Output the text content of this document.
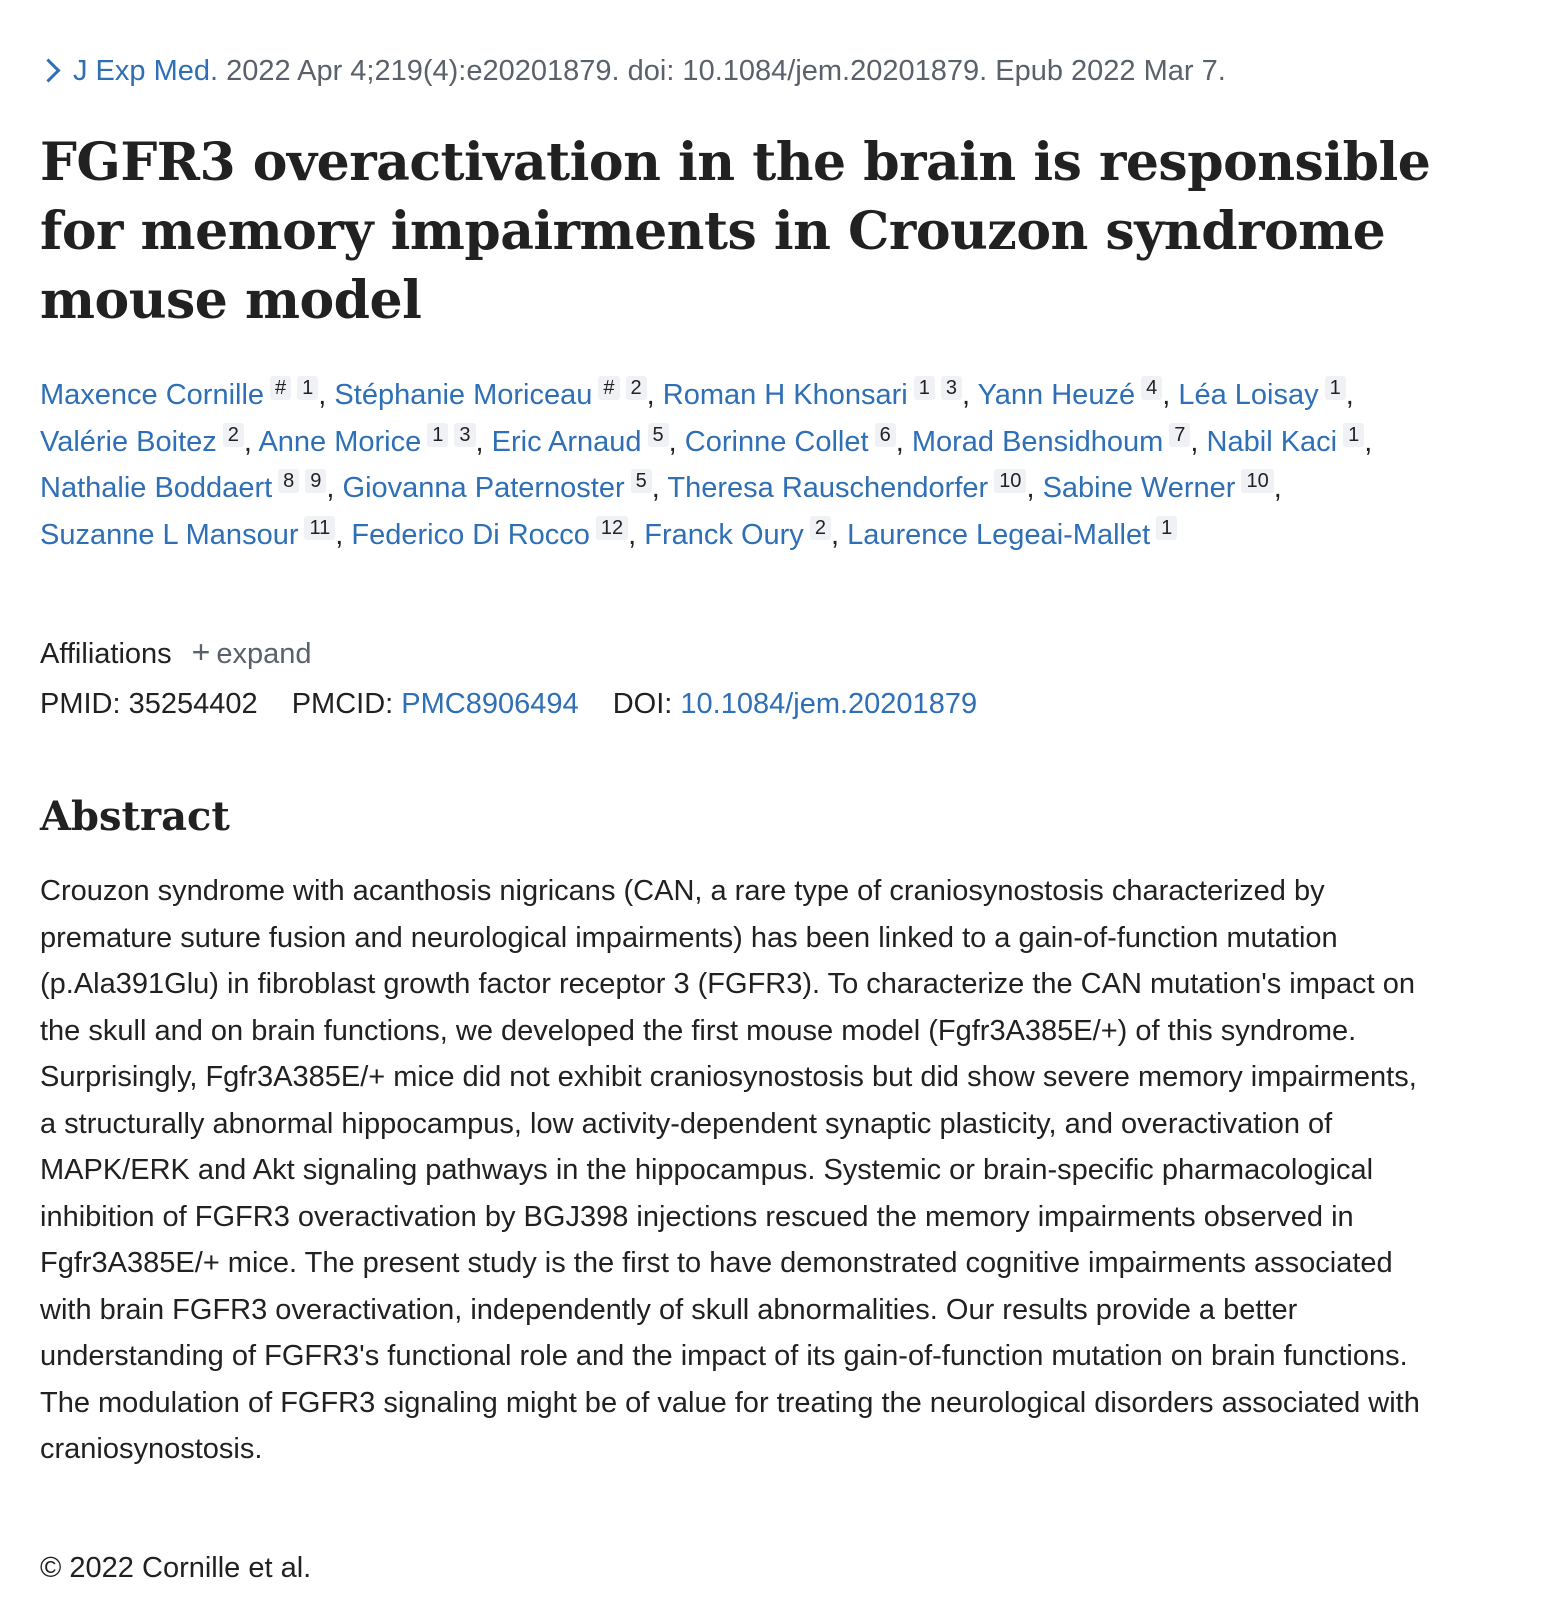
J Exp Med. 2022 Apr 4;219(4):e20201879. doi: 10.1084/jem.20201879. Epub 2022 Mar 7.
FGFR3 overactivation in the brain is responsible for memory impairments in Crouzon syndrome mouse model
Maxence Cornille # 1 , Stéphanie Moriceau # 2 , Roman H Khonsari 1 3 , Yann Heuzé 4 , Léa Loisay 1 , Valérie Boitez 2 , Anne Morice 1 3 , Eric Arnaud 5 , Corinne Collet 6 , Morad Bensidhoum 7 , Nabil Kaci 1 , Nathalie Boddaert 8 9 , Giovanna Paternoster 5 , Theresa Rauschendorfer 10 , Sabine Werner 10 , Suzanne L Mansour 11 , Federico Di Rocco 12 , Franck Oury 2 , Laurence Legeai-Mallet 1
Affiliations + expand
PMID: 35254402 PMCID: PMC8906494 DOI: 10.1084/jem.20201879
Abstract

Crouzon syndrome with acanthosis nigricans (CAN, a rare type of craniosynostosis characterized by premature suture fusion and neurological impairments) has been linked to a gain-of-function mutation (p.Ala391Glu) in fibroblast growth factor receptor 3 (FGFR3). To characterize the CAN mutation's impact on the skull and on brain functions, we developed the first mouse model (Fgfr3A385E/+) of this syndrome. Surprisingly, Fgfr3A385E/+ mice did not exhibit craniosynostosis but did show severe memory impairments, a structurally abnormal hippocampus, low activity-dependent synaptic plasticity, and overactivation of MAPK/ERK and Akt signaling pathways in the hippocampus. Systemic or brain-specific pharmacological inhibition of FGFR3 overactivation by BGJ398 injections rescued the memory impairments observed in Fgfr3A385E/+ mice. The present study is the first to have demonstrated cognitive impairments associated with brain FGFR3 overactivation, independently of skull abnormalities. Our results provide a better understanding of FGFR3's functional role and the impact of its gain-of-function mutation on brain functions. The modulation of FGFR3 signaling might be of value for treating the neurological disorders associated with craniosynostosis.

© 2022 Cornille et al.
